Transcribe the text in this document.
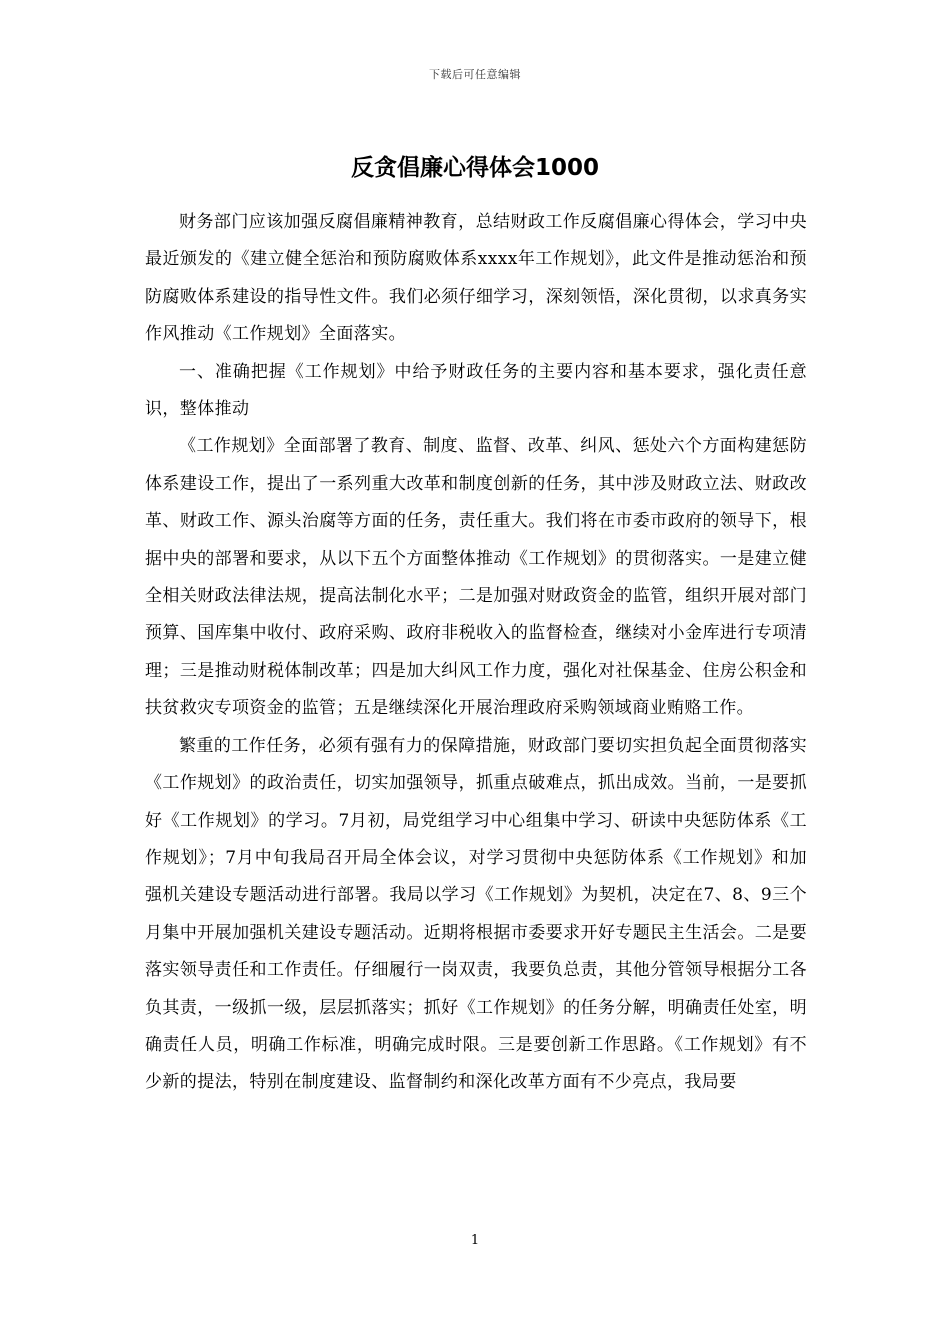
下载后可任意编辑
反贪倡廉心得体会1000

财务部门应该加强反腐倡廉精神教育，总结财政工作反腐倡廉心得体会，学习中央最近颁发的《建立健全惩治和预防腐败体系xxxx年工作规划》，此文件是推动惩治和预防腐败体系建设的指导性文件。我们必须仔细学习，深刻领悟，深化贯彻，以求真务实作风推动《工作规划》全面落实。

一、准确把握《工作规划》中给予财政任务的主要内容和基本要求，强化责任意识，整体推动

《工作规划》全面部署了教育、制度、监督、改革、纠风、惩处六个方面构建惩防体系建设工作，提出了一系列重大改革和制度创新的任务，其中涉及财政立法、财政改革、财政工作、源头治腐等方面的任务，责任重大。我们将在市委市政府的领导下，根据中央的部署和要求，从以下五个方面整体推动《工作规划》的贯彻落实。一是建立健全相关财政法律法规，提高法制化水平；二是加强对财政资金的监管，组织开展对部门预算、国库集中收付、政府采购、政府非税收入的监督检查，继续对小金库进行专项清理；三是推动财税体制改革；四是加大纠风工作力度，强化对社保基金、住房公积金和扶贫救灾专项资金的监管；五是继续深化开展治理政府采购领域商业贿赂工作。

繁重的工作任务，必须有强有力的保障措施，财政部门要切实担负起全面贯彻落实《工作规划》的政治责任，切实加强领导，抓重点破难点，抓出成效。当前，一是要抓好《工作规划》的学习。7月初，局党组学习中心组集中学习、研读中央惩防体系《工作规划》；7月中旬我局召开局全体会议，对学习贯彻中央惩防体系《工作规划》和加强机关建设专题活动进行部署。我局以学习《工作规划》为契机，决定在7、8、9三个月集中开展加强机关建设专题活动。近期将根据市委要求开好专题民主生活会。二是要落实领导责任和工作责任。仔细履行一岗双责，我要负总责，其他分管领导根据分工各负其责，一级抓一级，层层抓落实；抓好《工作规划》的任务分解，明确责任处室，明确责任人员，明确工作标准，明确完成时限。三是要创新工作思路。《工作规划》有不少新的提法，特别在制度建设、监督制约和深化改革方面有不少亮点，我局要

1
